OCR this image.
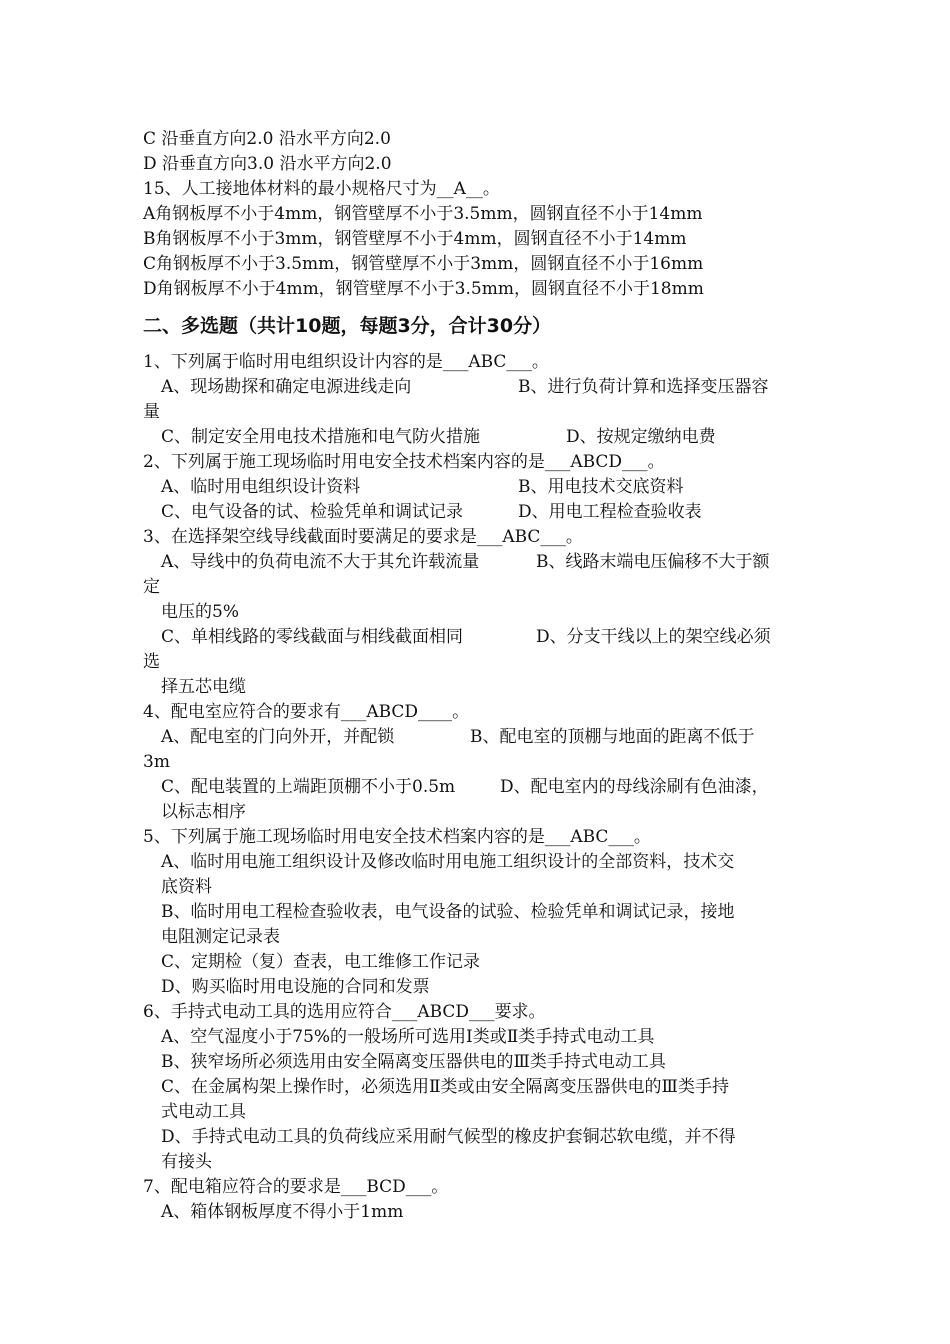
C 沿垂直方向2.0 沿水平方向2.0
D 沿垂直方向3.0 沿水平方向2.0
15、人工接地体材料的最小规格尺寸为__A__。
A角钢板厚不小于4mm，钢管壁厚不小于3.5mm，圆钢直径不小于14mm
B角钢板厚不小于3mm，钢管壁厚不小于4mm，圆钢直径不小于14mm
C角钢板厚不小于3.5mm，钢管壁厚不小于3mm，圆钢直径不小于16mm
D角钢板厚不小于4mm，钢管壁厚不小于3.5mm，圆钢直径不小于18mm
二、多选题（共计10题，每题3分，合计30分）
1、下列属于临时用电组织设计内容的是___ABC___。
A、现场勘探和确定电源进线走向	B、进行负荷计算和选择变压器容
量
C、制定安全用电技术措施和电气防火措施	D、按规定缴纳电费
2、下列属于施工现场临时用电安全技术档案内容的是___ABCD___。
A、临时用电组织设计资料	B、用电技术交底资料
C、电气设备的试、检验凭单和调试记录	D、用电工程检查验收表
3、在选择架空线导线截面时要满足的要求是___ABC___。
A、导线中的负荷电流不大于其允许载流量	B、线路末端电压偏移不大于额
定
电压的5%
C、单相线路的零线截面与相线截面相同	D、分支干线以上的架空线必须
选
择五芯电缆
4、配电室应符合的要求有___ABCD____。
A、配电室的门向外开，并配锁	B、配电室的顶棚与地面的距离不低于
3m
C、配电装置的上端距顶棚不小于0.5m	D、配电室内的母线涂刷有色油漆，
以标志相序
5、下列属于施工现场临时用电安全技术档案内容的是___ABC___。
A、临时用电施工组织设计及修改临时用电施工组织设计的全部资料，技术交
底资料
B、临时用电工程检查验收表，电气设备的试验、检验凭单和调试记录，接地
电阻测定记录表
C、定期检（复）查表，电工维修工作记录
D、购买临时用电设施的合同和发票
6、手持式电动工具的选用应符合___ABCD___要求。
A、空气湿度小于75%的一般场所可选用Ⅰ类或Ⅱ类手持式电动工具
B、狭窄场所必须选用由安全隔离变压器供电的Ⅲ类手持式电动工具
C、在金属构架上操作时，必须选用Ⅱ类或由安全隔离变压器供电的Ⅲ类手持
式电动工具
D、手持式电动工具的负荷线应采用耐气候型的橡皮护套铜芯软电缆，并不得
有接头
7、配电箱应符合的要求是___BCD___。
A、箱体钢板厚度不得小于1mm
